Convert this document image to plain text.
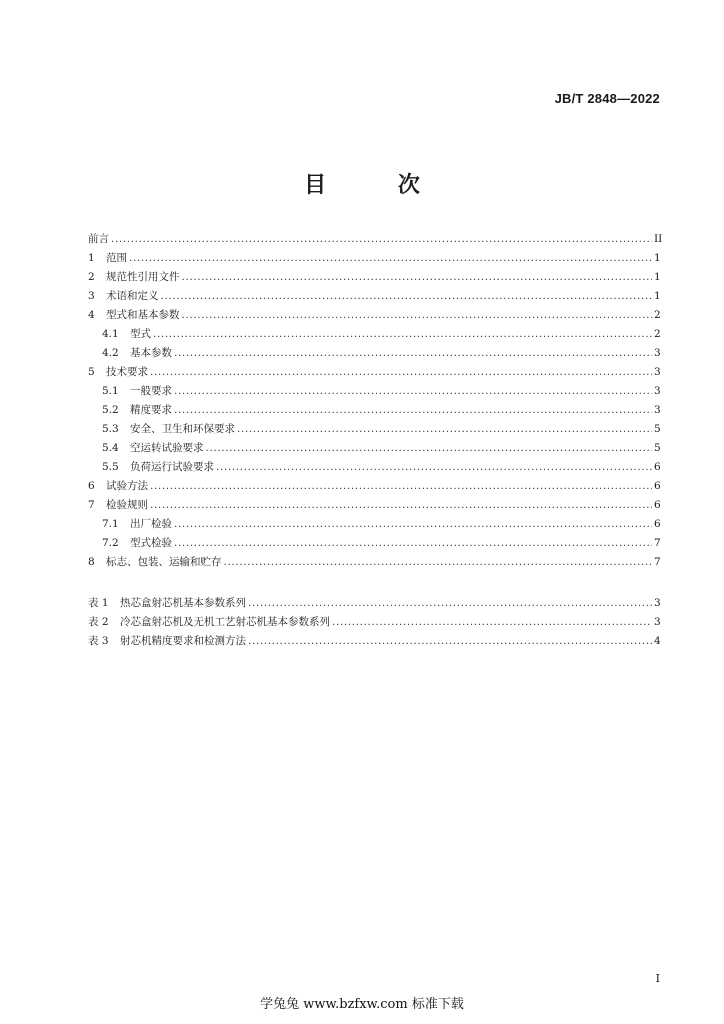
JB/T 2848—2022
目 次
前言 .....	II
1	范围 .....	1
2	规范性引用文件 .....	1
3	术语和定义 .....	1
4	型式和基本参数 .....	2
4.1	型式 .....	2
4.2	基本参数 .....	3
5	技术要求 .....	3
5.1	一般要求 .....	3
5.2	精度要求 .....	3
5.3	安全、卫生和环保要求 .....	5
5.4	空运转试验要求 .....	5
5.5	负荷运行试验要求 .....	6
6	试验方法 .....	6
7	检验规则 .....	6
7.1	出厂检验 .....	6
7.2	型式检验 .....	7
8	标志、包装、运输和贮存 .....	7
表 1	热芯盒射芯机基本参数系列 .....	3
表 2	冷芯盒射芯机及无机工艺射芯机基本参数系列 .....	3
表 3	射芯机精度要求和检测方法 .....	4
I
学兔兔 www.bzfxw.com 标准下载
